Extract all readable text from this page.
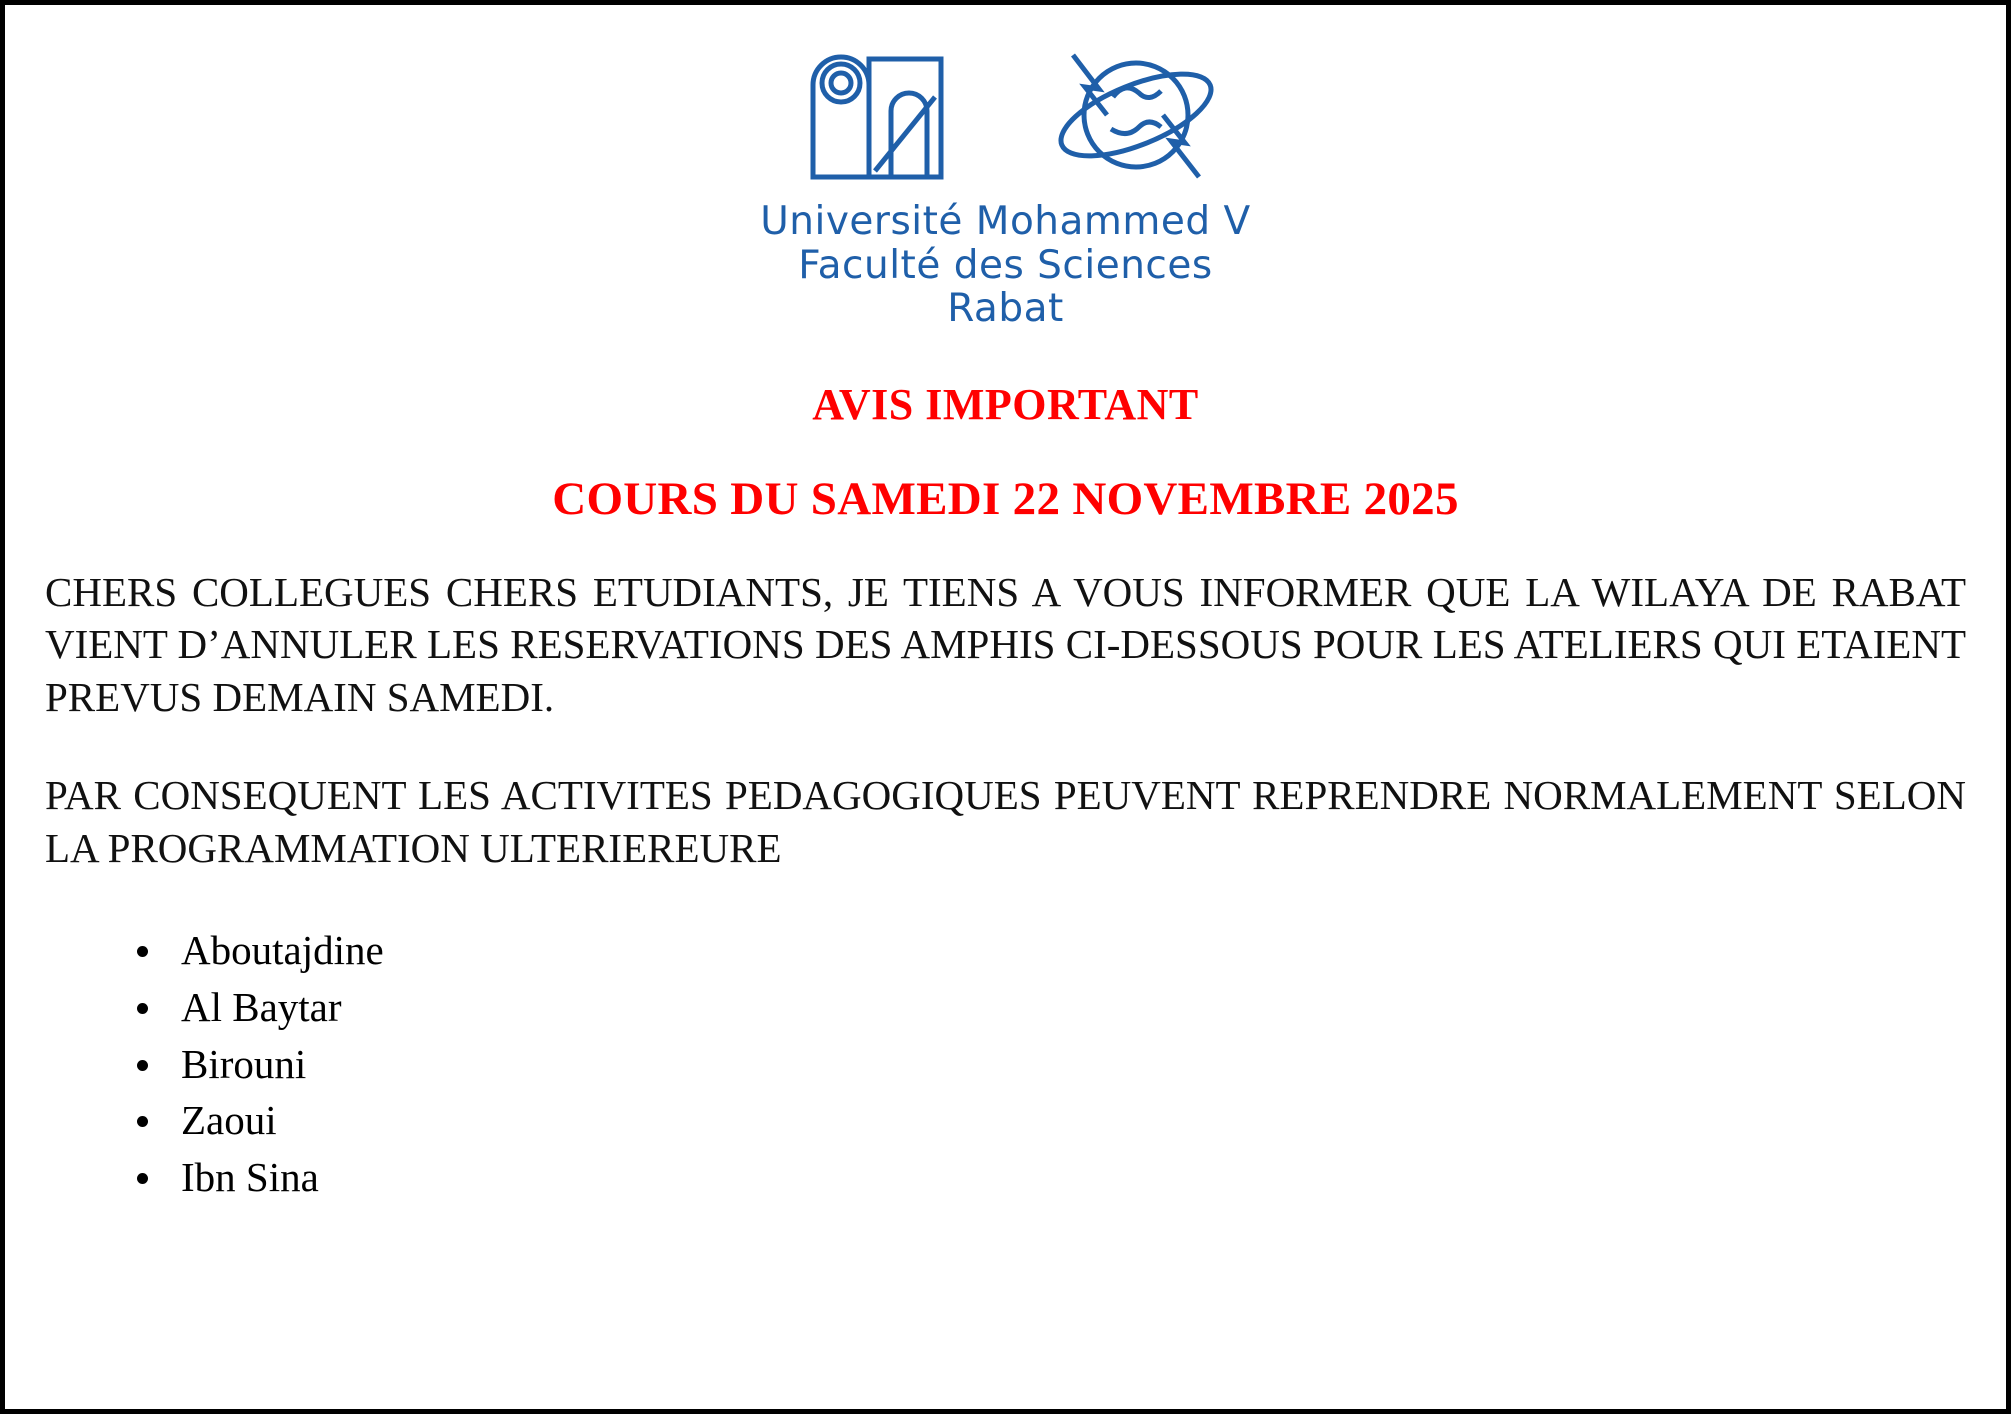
Université Mohammed V
Faculté des Sciences
Rabat
AVIS IMPORTANT
COURS DU SAMEDI 22 NOVEMBRE 2025

CHERS COLLEGUES CHERS ETUDIANTS, JE TIENS A VOUS INFORMER QUE LA WILAYA DE RABAT VIENT D’ANNULER LES RESERVATIONS DES AMPHIS CI-DESSOUS POUR LES ATELIERS QUI ETAIENT PREVUS DEMAIN SAMEDI.

PAR CONSEQUENT LES ACTIVITES PEDAGOGIQUES PEUVENT REPRENDRE NORMALEMENT SELON LA PROGRAMMATION ULTERIEREURE

Aboutajdine
Al Baytar
Birouni
Zaoui
Ibn Sina
